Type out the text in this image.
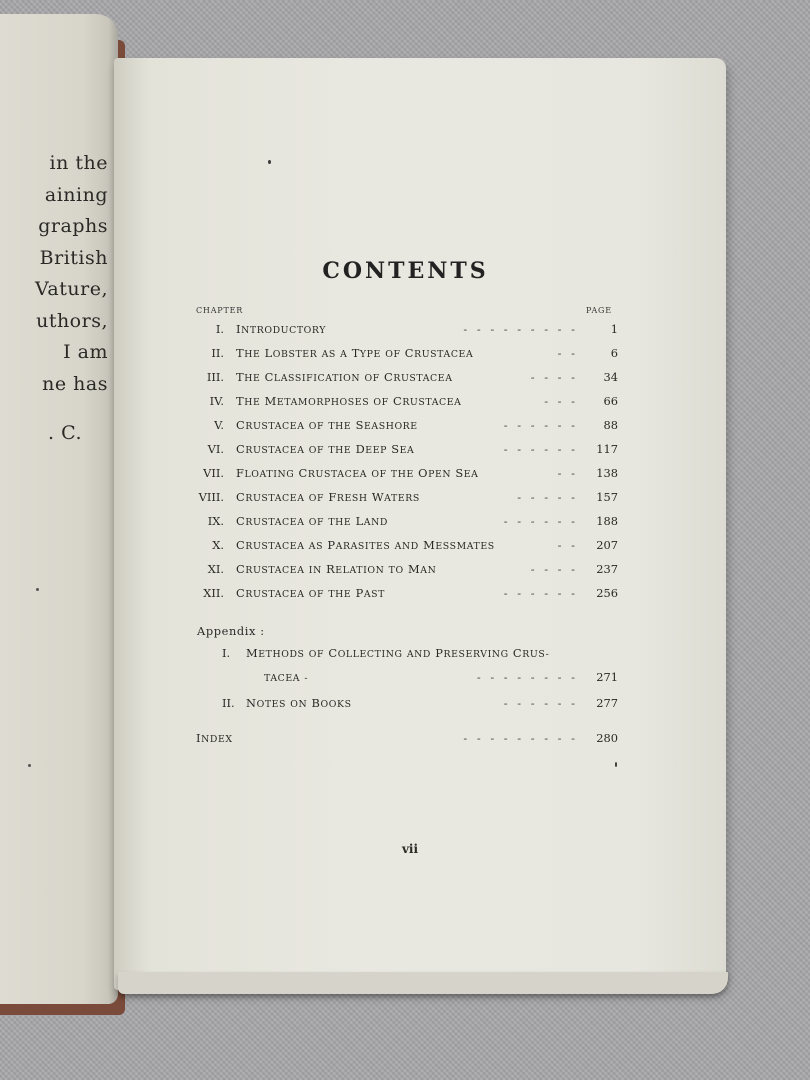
in the
aining
graphs
British
Vature,
uthors,
I am
ne has
. C.
CONTENTS
CHAPTER	PAGE
I. INTRODUCTORY	- - - - - - - - -	1
II. THE LOBSTER AS A TYPE OF CRUSTACEA	- -	6
III. THE CLASSIFICATION OF CRUSTACEA	- - - - 34
IV. THE METAMORPHOSES OF CRUSTACEA	- - - 66
V. CRUSTACEA OF THE SEASHORE	- - - - - - 88
VI. CRUSTACEA OF THE DEEP SEA	- - - - - - 117
VII. FLOATING CRUSTACEA OF THE OPEN SEA	- - 138
VIII. CRUSTACEA OF FRESH WATERS	- - - - - 157
IX. CRUSTACEA OF THE LAND	- - - - - - 188
X. CRUSTACEA AS PARASITES AND MESSMATES	- - 207
XI. CRUSTACEA IN RELATION TO MAN	- - - - 237
XII. CRUSTACEA OF THE PAST	- - - - - - 256
Appendix :
I. METHODS OF COLLECTING AND PRESERVING CRUS-
TACEA -	- - - - - - - - 271
II. NOTES ON BOOKS	- - - - - - 277
INDEX	- - - - - - - - - 280
vii
